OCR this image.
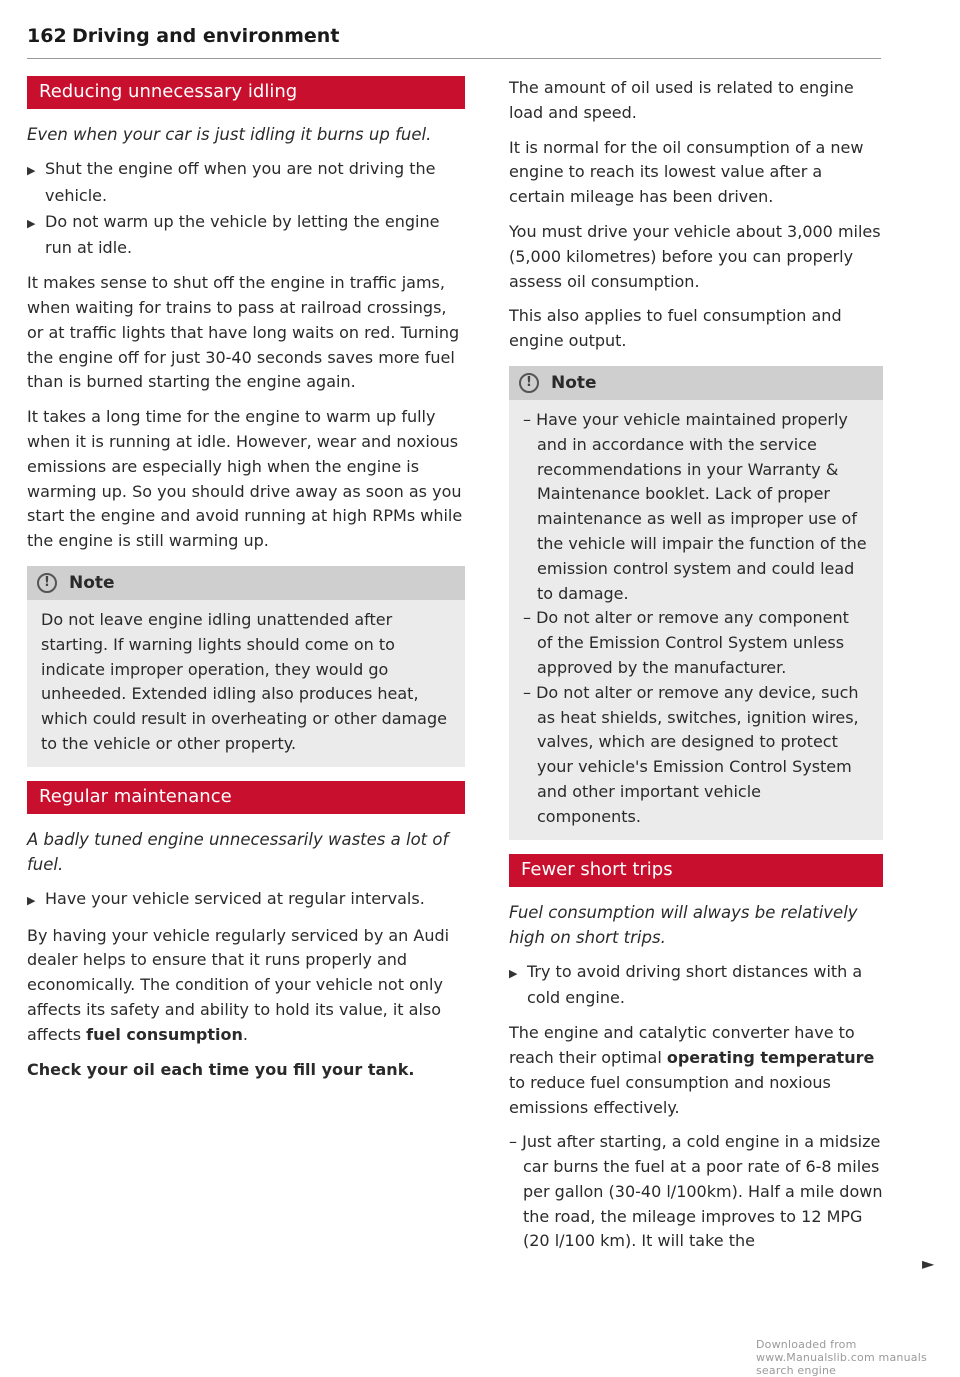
162 Driving and environment
Reducing unnecessary idling

Even when your car is just idling it burns up fuel.

▶ Shut the engine off when you are not driving the vehicle.
▶ Do not warm up the vehicle by letting the engine run at idle.

It makes sense to shut off the engine in traffic jams, when waiting for trains to pass at railroad crossings, or at traffic lights that have long waits on red. Turning the engine off for just 30-40 seconds saves more fuel than is burned starting the engine again.

It takes a long time for the engine to warm up fully when it is running at idle. However, wear and noxious emissions are especially high when the engine is warming up. So you should drive away as soon as you start the engine and avoid running at high RPMs while the engine is still warming up.

!	Note
Do not leave engine idling unattended after starting. If warning lights should come on to indicate improper operation, they would go unheeded. Extended idling also produces heat, which could result in overheating or other damage to the vehicle or other property.
Regular maintenance

A badly tuned engine unnecessarily wastes a lot of fuel.

▶ Have your vehicle serviced at regular intervals.

By having your vehicle regularly serviced by an Audi dealer helps to ensure that it runs properly and economically. The condition of your vehicle not only affects its safety and ability to hold its value, it also affects fuel consumption.

Check your oil each time you fill your tank.

The amount of oil used is related to engine load and speed.

It is normal for the oil consumption of a new engine to reach its lowest value after a certain mileage has been driven.

You must drive your vehicle about 3,000 miles (5,000 kilometres) before you can properly assess oil consumption.

This also applies to fuel consumption and engine output.

!	Note
– Have your vehicle maintained properly and in accordance with the service recommendations in your Warranty & Maintenance booklet. Lack of proper maintenance as well as improper use of the vehicle will impair the function of the emission control system and could lead to damage.
– Do not alter or remove any component of the Emission Control System unless approved by the manufacturer.
– Do not alter or remove any device, such as heat shields, switches, ignition wires, valves, which are designed to protect your vehicle's Emission Control System and other important vehicle components.
Fewer short trips

Fuel consumption will always be relatively high on short trips.

▶ Try to avoid driving short distances with a cold engine.

The engine and catalytic converter have to reach their optimal operating temperature to reduce fuel consumption and noxious emissions effectively.

– Just after starting, a cold engine in a midsize car burns the fuel at a poor rate of 6-8 miles per gallon (30-40 l/100km). Half a mile down the road, the mileage improves to 12 MPG (20 l/100 km). It will take the
►
Downloaded from www.Manualslib.com manuals search engine
